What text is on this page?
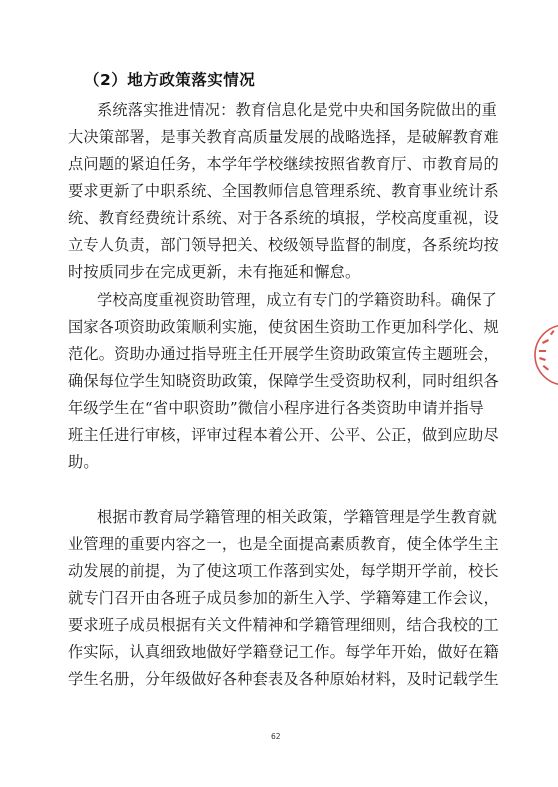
（2）地方政策落实情况
系统落实推进情况：教育信息化是党中央和国务院做出的重
大决策部署，是事关教育高质量发展的战略选择，是破解教育难
点问题的紧迫任务，本学年学校继续按照省教育厅、市教育局的
要求更新了中职系统、全国教师信息管理系统、教育事业统计系
统、教育经费统计系统、对于各系统的填报，学校高度重视，设
立专人负责，部门领导把关、校级领导监督的制度，各系统均按
时按质同步在完成更新，未有拖延和懈怠。
学校高度重视资助管理，成立有专门的学籍资助科。确保了
国家各项资助政策顺利实施，使贫困生资助工作更加科学化、规
范化。资助办通过指导班主任开展学生资助政策宣传主题班会，
确保每位学生知晓资助政策，保障学生受资助权利，同时组织各
年级学生在“省中职资助”微信小程序进行各类资助申请并指导
班主任进行审核，评审过程本着公开、公平、公正，做到应助尽
助。
根据市教育局学籍管理的相关政策，学籍管理是学生教育就
业管理的重要内容之一，也是全面提高素质教育，使全体学生主
动发展的前提，为了使这项工作落到实处，每学期开学前，校长
就专门召开由各班子成员参加的新生入学、学籍筹建工作会议，
要求班子成员根据有关文件精神和学籍管理细则，结合我校的工
作实际，认真细致地做好学籍登记工作。每学年开始，做好在籍
学生名册，分年级做好各种套表及各种原始材料，及时记载学生
62
